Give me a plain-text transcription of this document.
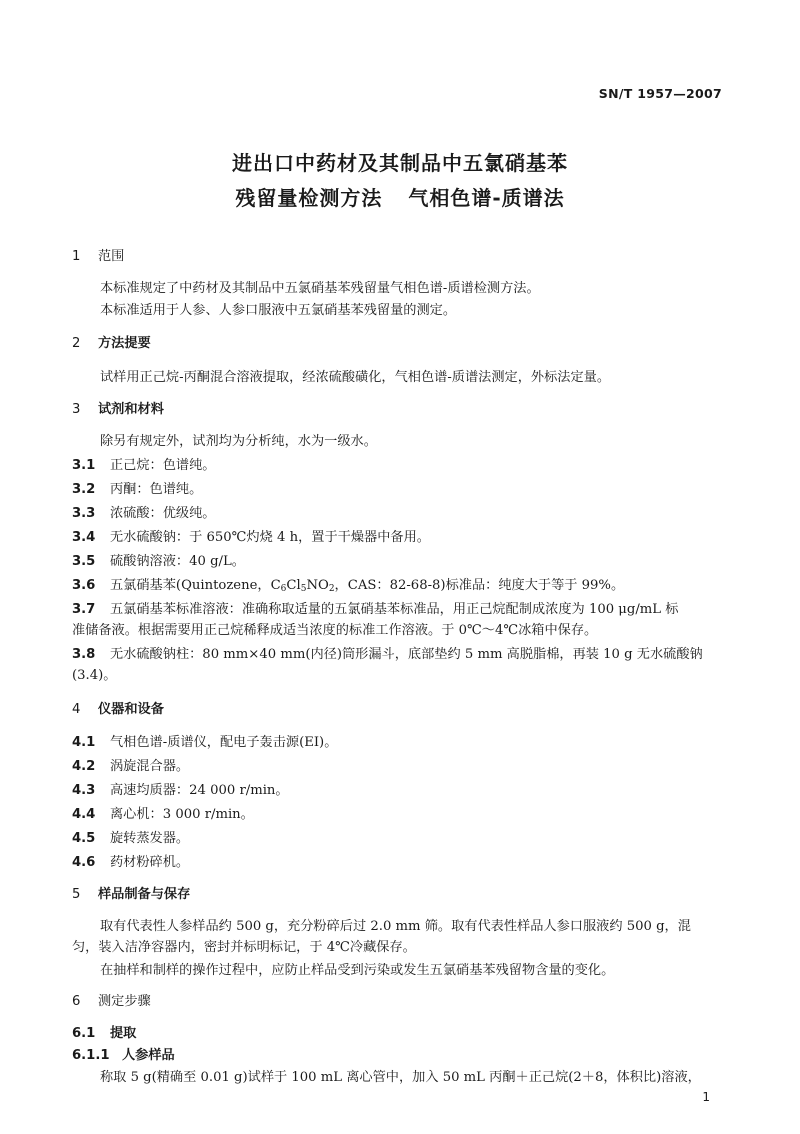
SN/T 1957—2007
进出口中药材及其制品中五氯硝基苯
残留量检测方法 气相色谱-质谱法
1 范围
本标准规定了中药材及其制品中五氯硝基苯残留量气相色谱-质谱检测方法。
本标准适用于人参、人参口服液中五氯硝基苯残留量的测定。
2 方法提要
试样用正己烷-丙酮混合溶液提取，经浓硫酸磺化，气相色谱-质谱法测定，外标法定量。
3 试剂和材料
除另有规定外，试剂均为分析纯，水为一级水。
3.1 正己烷：色谱纯。
3.2 丙酮：色谱纯。
3.3 浓硫酸：优级纯。
3.4 无水硫酸钠：于 650℃灼烧 4 h，置于干燥器中备用。
3.5 硫酸钠溶液：40 g/L。
3.6 五氯硝基苯(Quintozene，$C_6Cl_5NO_2$，CAS：82-68-8)标准品：纯度大于等于 99%。
3.7 五氯硝基苯标准溶液：准确称取适量的五氯硝基苯标准品，用正己烷配制成浓度为 100 μg/mL 标
准储备液。根据需要用正己烷稀释成适当浓度的标准工作溶液。于 0℃～4℃冰箱中保存。
3.8 无水硫酸钠柱：80 mm×40 mm(内径)筒形漏斗，底部垫约 5 mm 高脱脂棉，再装 10 g 无水硫酸钠
(3.4)。
4 仪器和设备
4.1 气相色谱-质谱仪，配电子轰击源(EI)。
4.2 涡旋混合器。
4.3 高速均质器：24 000 r/min。
4.4 离心机：3 000 r/min。
4.5 旋转蒸发器。
4.6 药材粉碎机。
5 样品制备与保存
取有代表性人参样品约 500 g，充分粉碎后过 2.0 mm 筛。取有代表性样品人参口服液约 500 g，混
匀，装入洁净容器内，密封并标明标记，于 4℃冷藏保存。
在抽样和制样的操作过程中，应防止样品受到污染或发生五氯硝基苯残留物含量的变化。
6 测定步骤
6.1 提取
6.1.1 人参样品
称取 5 g(精确至 0.01 g)试样于 100 mL 离心管中，加入 50 mL 丙酮＋正己烷(2＋8，体积比)溶液，
1
